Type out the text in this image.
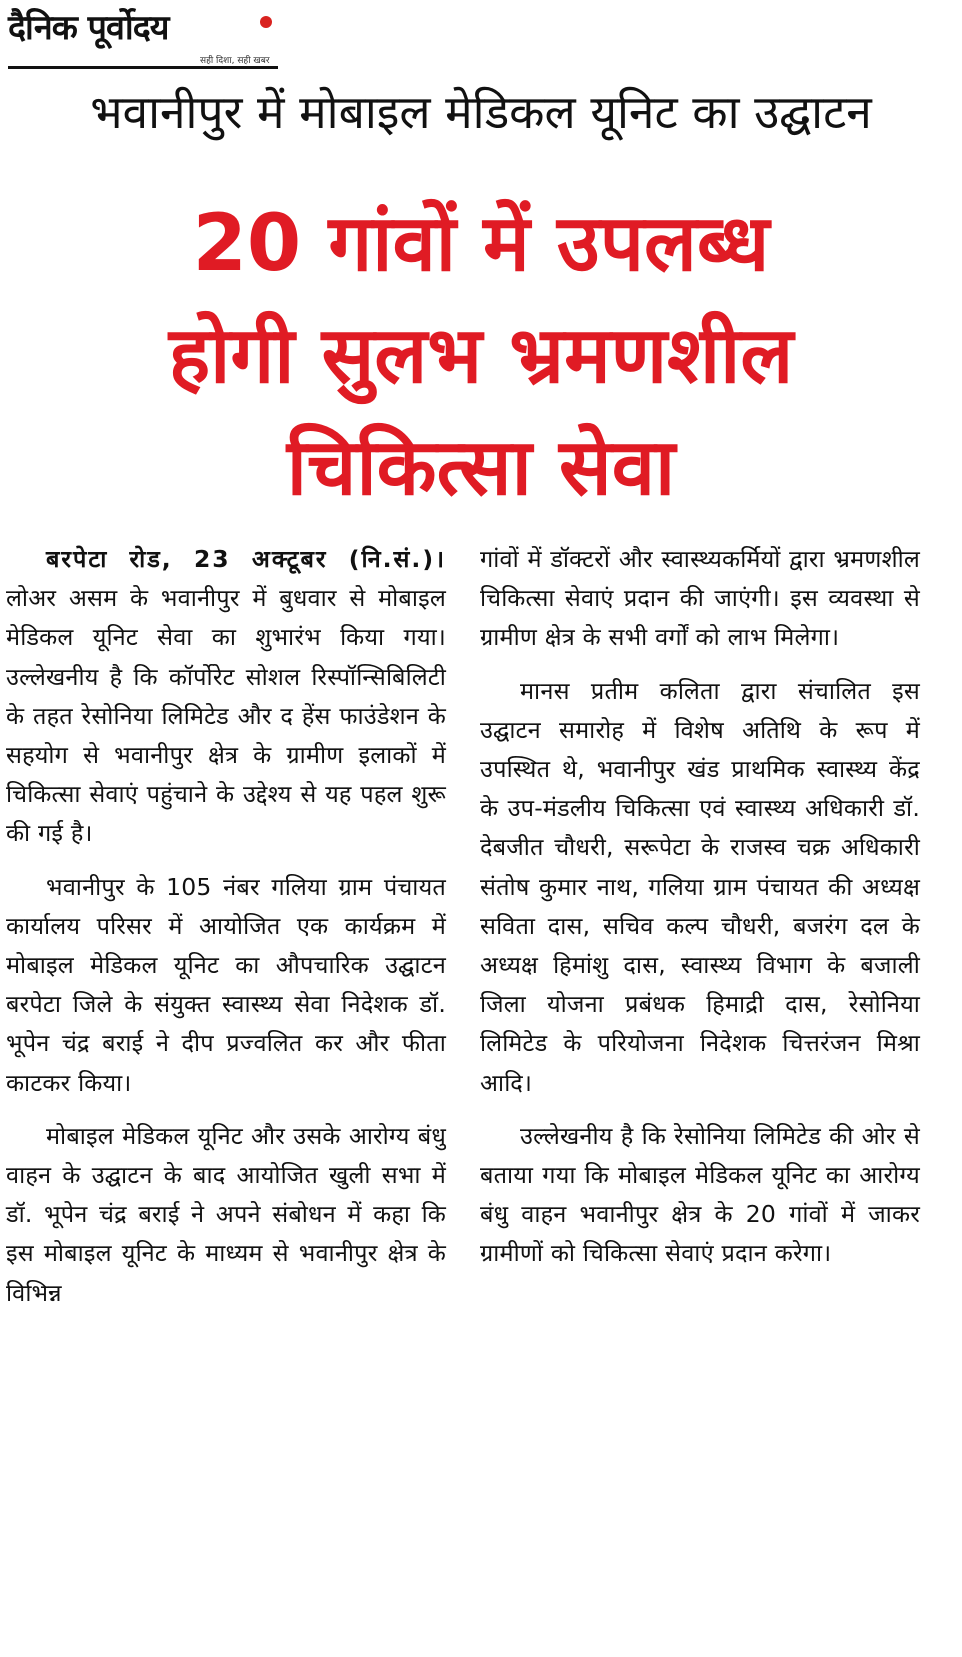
दैनिक पूर्वोदय
सही दिशा, सही खबर
भवानीपुर में मोबाइल मेडिकल यूनिट का उद्घाटन
20 गांवों में उपलब्ध
होगी सुलभ भ्रमणशील
चिकित्सा सेवा

बरपेटा रोड, 23 अक्टूबर (नि.सं.)। लोअर असम के भवानीपुर में बुधवार से मोबाइल मेडिकल यूनिट सेवा का शुभारंभ किया गया। उल्लेखनीय है कि कॉर्पोरेट सोशल रिस्पॉन्सिबिलिटी के तहत रेसोनिया लिमिटेड और द हेंस फाउंडेशन के सहयोग से भवानीपुर क्षेत्र के ग्रामीण इलाकों में चिकित्सा सेवाएं पहुंचाने के उद्देश्य से यह पहल शुरू की गई है।

भवानीपुर के 105 नंबर गलिया ग्राम पंचायत कार्यालय परिसर में आयोजित एक कार्यक्रम में मोबाइल मेडिकल यूनिट का औपचारिक उद्घाटन बरपेटा जिले के संयुक्त स्वास्थ्य सेवा निदेशक डॉ. भूपेन चंद्र बराई ने दीप प्रज्वलित कर और फीता काटकर किया।

मोबाइल मेडिकल यूनिट और उसके आरोग्य बंधु वाहन के उद्घाटन के बाद आयोजित खुली सभा में डॉ. भूपेन चंद्र बराई ने अपने संबोधन में कहा कि इस मोबाइल यूनिट के माध्यम से भवानीपुर क्षेत्र के विभिन्न

गांवों में डॉक्टरों और स्वास्थ्यकर्मियों द्वारा भ्रमणशील चिकित्सा सेवाएं प्रदान की जाएंगी। इस व्यवस्था से ग्रामीण क्षेत्र के सभी वर्गों को लाभ मिलेगा।

मानस प्रतीम कलिता द्वारा संचालित इस उद्घाटन समारोह में विशेष अतिथि के रूप में उपस्थित थे, भवानीपुर खंड प्राथमिक स्वास्थ्य केंद्र के उप-मंडलीय चिकित्सा एवं स्वास्थ्य अधिकारी डॉ. देबजीत चौधरी, सरूपेटा के राजस्व चक्र अधिकारी संतोष कुमार नाथ, गलिया ग्राम पंचायत की अध्यक्ष सविता दास, सचिव कल्प चौधरी, बजरंग दल के अध्यक्ष हिमांशु दास, स्वास्थ्य विभाग के बजाली जिला योजना प्रबंधक हिमाद्री दास, रेसोनिया लिमिटेड के परियोजना निदेशक चित्तरंजन मिश्रा आदि।

उल्लेखनीय है कि रेसोनिया लिमिटेड की ओर से बताया गया कि मोबाइल मेडिकल यूनिट का आरोग्य बंधु वाहन भवानीपुर क्षेत्र के 20 गांवों में जाकर ग्रामीणों को चिकित्सा सेवाएं प्रदान करेगा।
